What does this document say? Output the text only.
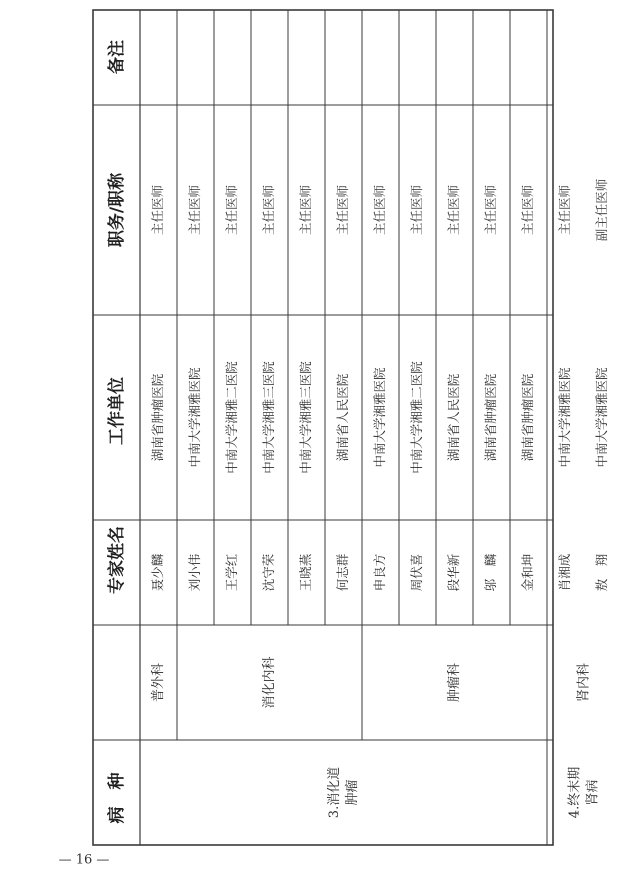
病　种
专家姓名
工作单位
职务/职称
备注
3.消化道 肿瘤	4.终末期 肾病
聂少麟
湖南省肿瘤医院
主任医师
普外科
刘小伟
中南大学湘雅医院
主任医师
王学红
中南大学湘雅二医院
主任医师
沈守荣
中南大学湘雅三医院
主任医师
王晓燕
中南大学湘雅三医院
主任医师
何志群
湖南省人民医院
主任医师
消化内科
申良方
中南大学湘雅医院
主任医师
周伏喜
中南大学湘雅二医院
主任医师
段华新
湖南省人民医院
主任医师
邬　麟
湖南省肿瘤医院
主任医师
金和坤
湖南省肿瘤医院
主任医师
肿瘤科
肖湘成
中南大学湘雅医院
主任医师
敖　翔
中南大学湘雅医院
副主任医师
肾内科
— 16 —
